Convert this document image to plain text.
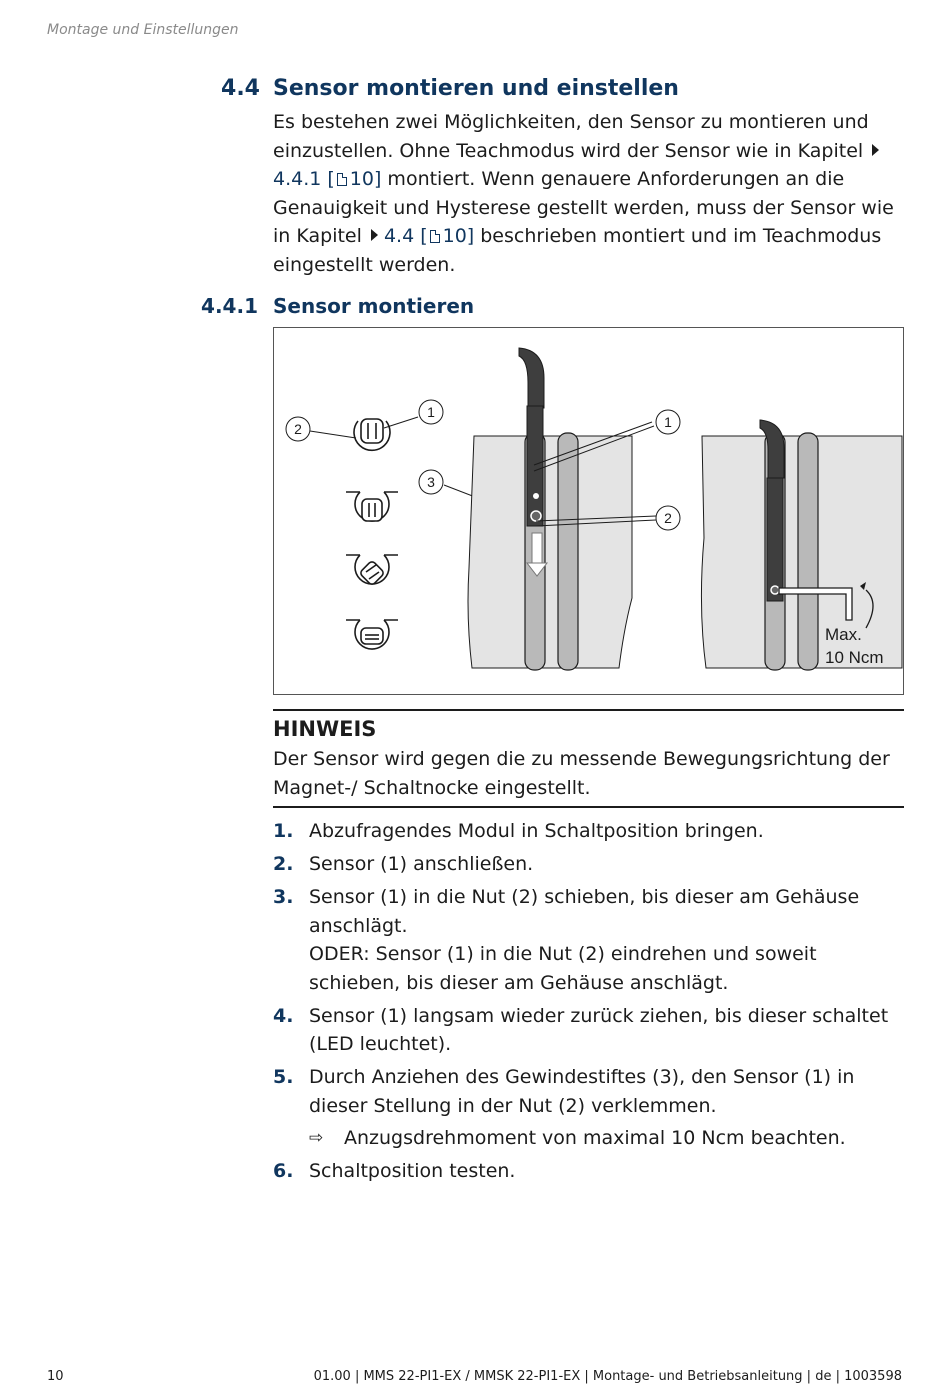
Montage und Einstellungen
4.4 Sensor montieren und einstellen
Es bestehen zwei Möglichkeiten, den Sensor zu montieren und einzustellen. Ohne Teachmodus wird der Sensor wie in Kapitel 4.4.1 [ 10] montiert. Wenn genauere Anforderungen an die Genauigkeit und Hysterese gestellt werden, muss der Sensor wie in Kapitel 4.4 [ 10] beschrieben montiert und im Teachmodus eingestellt werden.
4.4.1 Sensor montieren
2
1
3
1
2
Max.
10 Ncm
HINWEIS
Der Sensor wird gegen die zu messende Bewegungsrichtung der Magnet-/ Schaltnocke eingestellt.
1. Abzufragendes Modul in Schaltposition bringen.
2. Sensor (1) anschließen.
3. Sensor (1) in die Nut (2) schieben, bis dieser am Gehäuse anschlägt.
ODER: Sensor (1) in die Nut (2) eindrehen und soweit schieben, bis dieser am Gehäuse anschlägt.
4. Sensor (1) langsam wieder zurück ziehen, bis dieser schaltet (LED leuchtet).
5. Durch Anziehen des Gewindestiftes (3), den Sensor (1) in dieser Stellung in der Nut (2) verklemmen.
⇨ Anzugsdrehmoment von maximal 10 Ncm beachten.
6. Schaltposition testen.
10	01.00 | MMS 22-PI1-EX / MMSK 22-PI1-EX | Montage- und Betriebsanleitung | de | 1003598
